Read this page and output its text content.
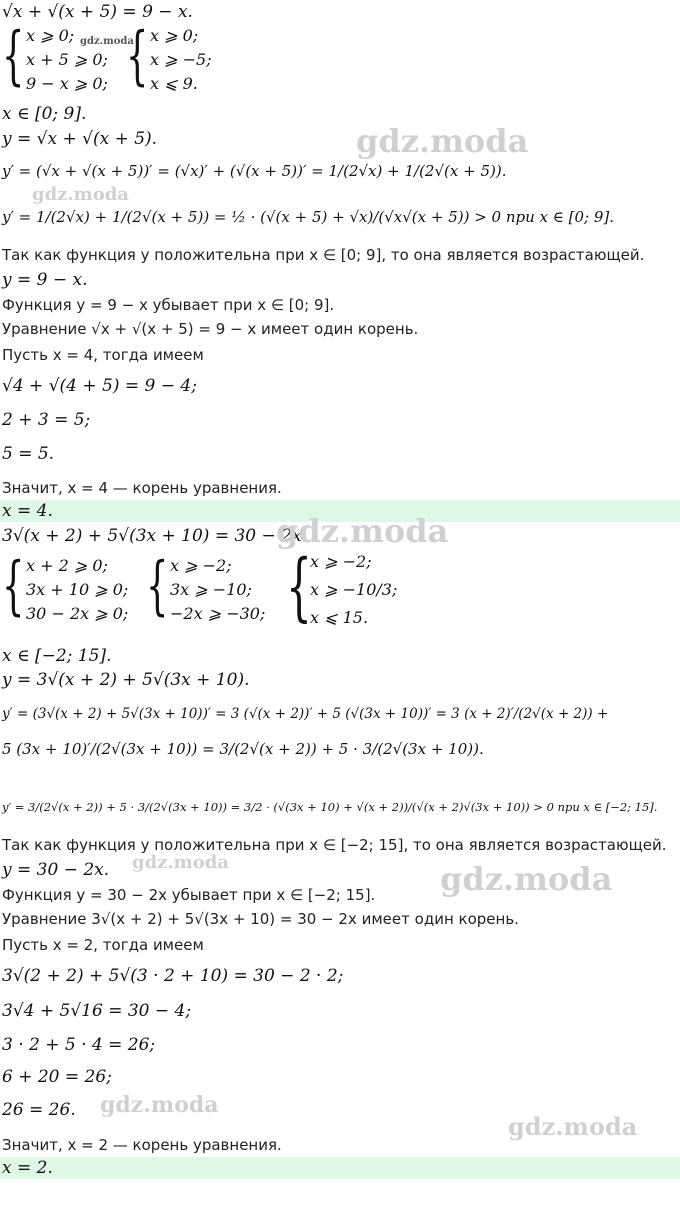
√x + √(x + 5) = 9 − x.
{ x ⩾ 0;
x + 5 ⩾ 0;
9 − x ⩾ 0; { x ⩾ 0;
x ⩾ −5;
x ⩽ 9.
x ∈ [0; 9].
y = √x + √(x + 5).
y′ = (√x + √(x + 5))′ = (√x)′ + (√(x + 5))′ = 1/(2√x) + 1/(2√(x + 5)).
y′ = 1/(2√x) + 1/(2√(x + 5)) = ½ · (√(x + 5) + √x)/(√x√(x + 5)) > 0 при x ∈ [0; 9].
Так как функция y положительна при x ∈ [0; 9], то она является возрастающей.
y = 9 − x.
Функция y = 9 − x убывает при x ∈ [0; 9].
Уравнение √x + √(x + 5) = 9 − x имеет один корень.
Пусть x = 4, тогда имеем
√4 + √(4 + 5) = 9 − 4;
2 + 3 = 5;
5 = 5.
Значит, x = 4 — корень уравнения.
x = 4.
3√(x + 2) + 5√(3x + 10) = 30 − 2x.
{ x + 2 ⩾ 0;
3x + 10 ⩾ 0;
30 − 2x ⩾ 0; { x ⩾ −2;
3x ⩾ −10;
−2x ⩾ −30; {
x ⩾ −2;
x ⩾ −10/3;
x ⩽ 15.
x ∈ [−2; 15].
y = 3√(x + 2) + 5√(3x + 10).
y′ = (3√(x + 2) + 5√(3x + 10))′ = 3 (√(x + 2))′ + 5 (√(3x + 10))′ = 3 (x + 2)′/(2√(x + 2)) +
5 (3x + 10)′/(2√(3x + 10)) = 3/(2√(x + 2)) + 5 · 3/(2√(3x + 10)).
y′ = 3/(2√(x + 2)) + 5 · 3/(2√(3x + 10)) = 3/2 · (√(3x + 10) + √(x + 2))/(√(x + 2)√(3x + 10)) > 0 при x ∈ [−2; 15].
Так как функция y положительна при x ∈ [−2; 15], то она является возрастающей.
y = 30 − 2x.
Функция y = 30 − 2x убывает при x ∈ [−2; 15].
Уравнение 3√(x + 2) + 5√(3x + 10) = 30 − 2x имеет один корень.
Пусть x = 2, тогда имеем
3√(2 + 2) + 5√(3 · 2 + 10) = 30 − 2 · 2;
3√4 + 5√16 = 30 − 4;
3 · 2 + 5 · 4 = 26;
6 + 20 = 26;
26 = 26.
Значит, x = 2 — корень уравнения.
x = 2.
gdz.moda
gdz.moda
gdz.moda
gdz.moda
gdz.moda	gdz.moda
gdz.moda
gdz.moda
